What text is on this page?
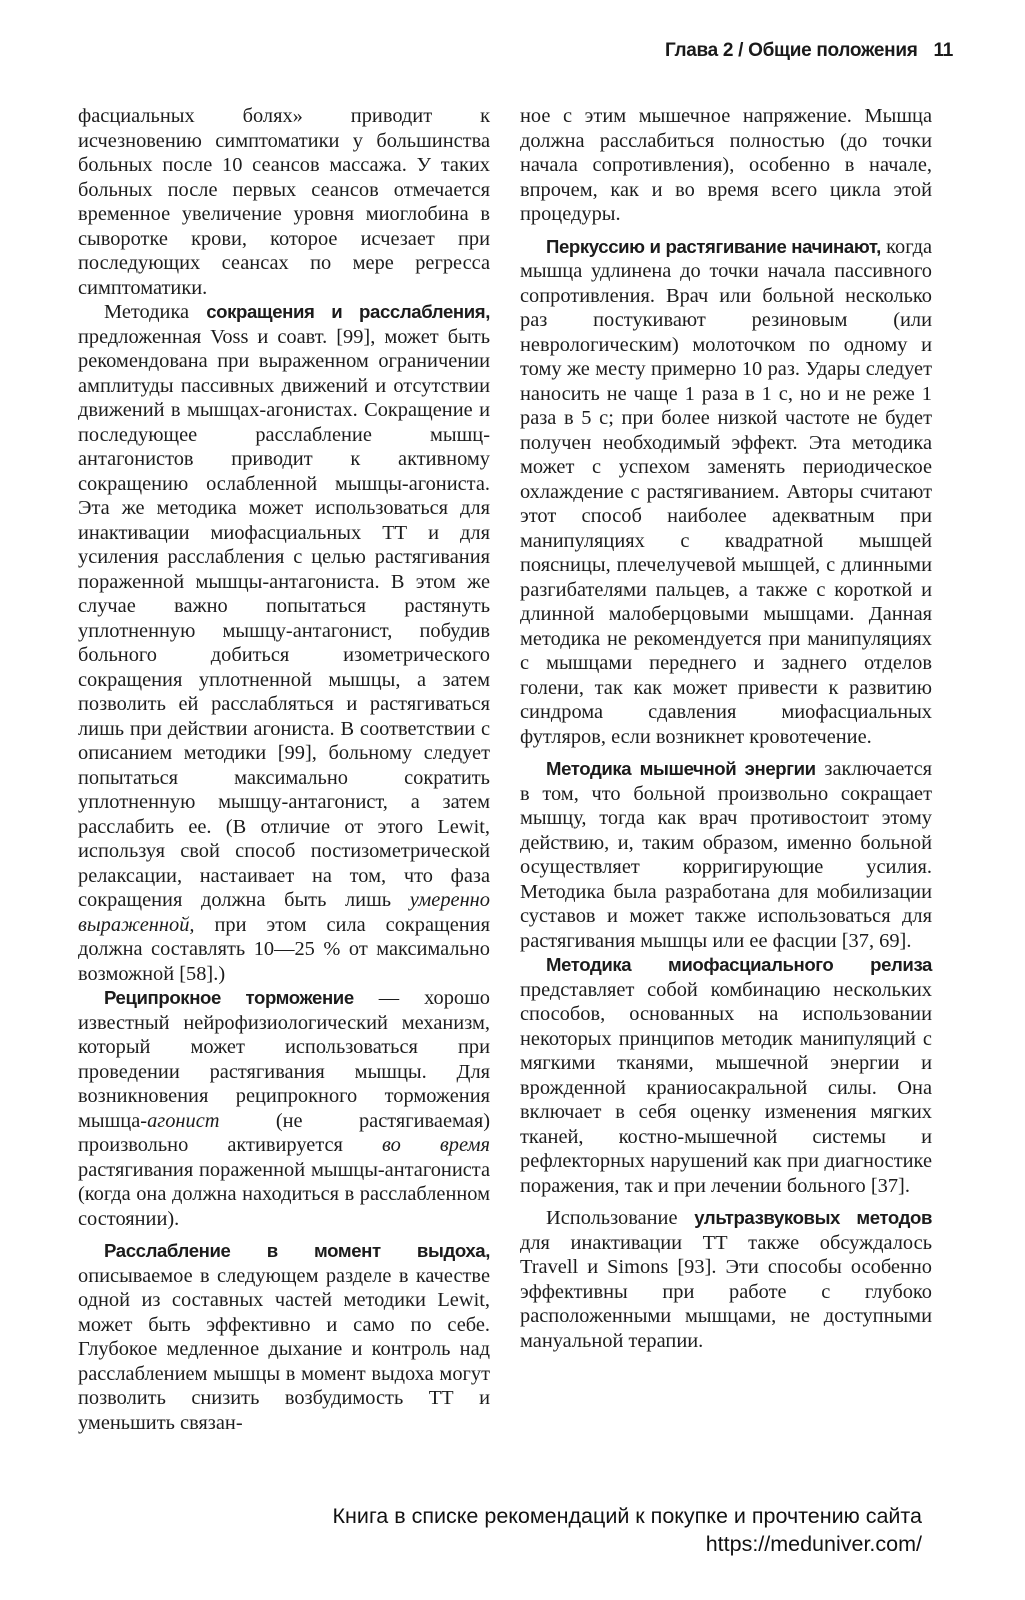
Глава 2 / Общие положения 11

фасциальных болях» приводит к исчезновению симптоматики у большинства больных после 10 сеансов массажа. У таких больных после первых сеансов отмечается временное увеличение уровня миоглобина в сыворотке крови, которое исчезает при последующих сеансах по мере регресса симптоматики.

Методика сокращения и расслабления, предложенная Voss и соавт. [99], может быть рекомендована при выраженном ограничении амплитуды пассивных движений и отсутствии движений в мышцах-агонистах. Сокращение и последующее расслабление мышц-антагонистов приводит к активному сокращению ослабленной мышцы-агониста. Эта же методика может использоваться для инактивации миофасциальных ТТ и для усиления расслабления с целью растягивания пораженной мышцы-антагониста. В этом же случае важно попытаться растянуть уплотненную мышцу-антагонист, побудив больного добиться изометрического сокращения уплотненной мышцы, а затем позволить ей расслабляться и растягиваться лишь при действии агониста. В соответствии с описанием методики [99], больному следует попытаться максимально сократить уплотненную мышцу-антагонист, а затем расслабить ее. (В отличие от этого Lewit, используя свой способ постизометрической релаксации, настаивает на том, что фаза сокращения должна быть лишь умеренно выраженной, при этом сила сокращения должна составлять 10—25 % от максимально возможной [58].)

Реципрокное торможение — хорошо известный нейрофизиологический механизм, который может использоваться при проведении растягивания мышцы. Для возникновения реципрокного торможения мышца-агонист (не растягиваемая) произвольно активируется во время растягивания пораженной мышцы-антагониста (когда она должна находиться в расслабленном состоянии).

Расслабление в момент выдоха, описываемое в следующем разделе в качестве одной из составных частей методики Lewit, может быть эффективно и само по себе. Глубокое медленное дыхание и контроль над расслаблением мышцы в момент выдоха могут позволить снизить возбудимость ТТ и уменьшить связан-

ное с этим мышечное напряжение. Мышца должна расслабиться полностью (до точки начала сопротивления), особенно в начале, впрочем, как и во время всего цикла этой процедуры.

Перкуссию и растягивание начинают, когда мышца удлинена до точки начала пассивного сопротивления. Врач или больной несколько раз постукивают резиновым (или неврологическим) молоточком по одному и тому же месту примерно 10 раз. Удары следует наносить не чаще 1 раза в 1 с, но и не реже 1 раза в 5 с; при более низкой частоте не будет получен необходимый эффект. Эта методика может с успехом заменять периодическое охлаждение с растягиванием. Авторы считают этот способ наиболее адекватным при манипуляциях с квадратной мышцей поясницы, плечелучевой мышцей, с длинными разгибателями пальцев, а также с короткой и длинной малоберцовыми мышцами. Данная методика не рекомендуется при манипуляциях с мышцами переднего и заднего отделов голени, так как может привести к развитию синдрома сдавления миофасциальных футляров, если возникнет кровотечение.

Методика мышечной энергии заключается в том, что больной произвольно сокращает мышцу, тогда как врач противостоит этому действию, и, таким образом, именно больной осуществляет корригирующие усилия. Методика была разработана для мобилизации суставов и может также использоваться для растягивания мышцы или ее фасции [37, 69].

Методика миофасциального релиза представляет собой комбинацию нескольких способов, основанных на использовании некоторых принципов методик манипуляций с мягкими тканями, мышечной энергии и врожденной краниосакральной силы. Она включает в себя оценку изменения мягких тканей, костно-мышечной системы и рефлекторных нарушений как при диагностике поражения, так и при лечении больного [37].

Использование ультразвуковых методов для инактивации ТТ также обсуждалось Travell и Simons [93]. Эти способы особенно эффективны при работе с глубоко расположенными мышцами, не доступными мануальной терапии.

Книга в списке рекомендаций к покупке и прочтению сайта https://meduniver.com/
